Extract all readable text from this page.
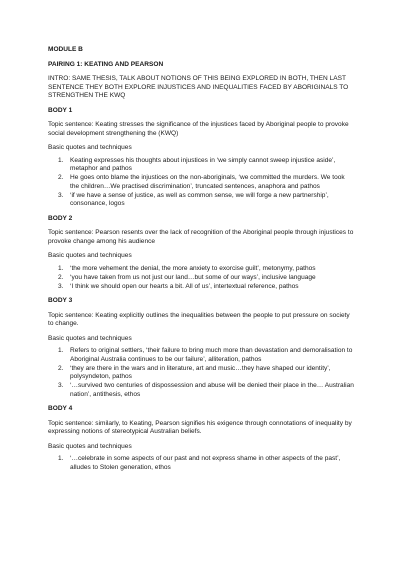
MODULE B

PAIRING 1: KEATING AND PEARSON

INTRO: SAME THESIS, TALK ABOUT NOTIONS OF THIS BEING EXPLORED IN BOTH, THEN LAST SENTENCE THEY BOTH EXPLORE INJUSTICES AND INEQUALITIES FACED BY ABORIGINALS TO STRENGTHEN THE KWQ

BODY 1

Topic sentence: Keating stresses the significance of the injustices faced by Aboriginal people to provoke social development strengthening the (KWQ)

Basic quotes and techniques

1. Keating expresses his thoughts about injustices in ‘we simply cannot sweep injustice aside’, metaphor and pathos
2. He goes onto blame the injustices on the non-aboriginals, ‘we committed the murders. We took the children…We practised discrimination’, truncated sentences, anaphora and pathos
3. ‘if we have a sense of justice, as well as common sense, we will forge a new partnership’, consonance, logos

BODY 2

Topic sentence: Pearson resents over the lack of recognition of the Aboriginal people through injustices to provoke change among his audience

Basic quotes and techniques

1. ‘the more vehement the denial, the more anxiety to exorcise guilt’, metonymy, pathos
2. ‘you have taken from us not just our land…but some of our ways’, inclusive language
3. ‘I think we should open our hearts a bit. All of us’, intertextual reference, pathos

BODY 3

Topic sentence: Keating explicitly outlines the inequalities between the people to put pressure on society to change.

Basic quotes and techniques

1. Refers to original settlers, ‘their failure to bring much more than devastation and demoralisation to Aboriginal Australia continues to be our failure’, alliteration, pathos
2. ‘they are there in the wars and in literature, art and music…they have shaped our identity’, polysyndeton, pathos
3. ‘…survived two centuries of dispossession and abuse will be denied their place in the… Australian nation’, antithesis, ethos

BODY 4

Topic sentence: similarly, to Keating, Pearson signifies his exigence through connotations of inequality by expressing notions of stereotypical Australian beliefs.

Basic quotes and techniques

1. ‘…celebrate in some aspects of our past and not express shame in other aspects of the past’, alludes to Stolen generation, ethos
